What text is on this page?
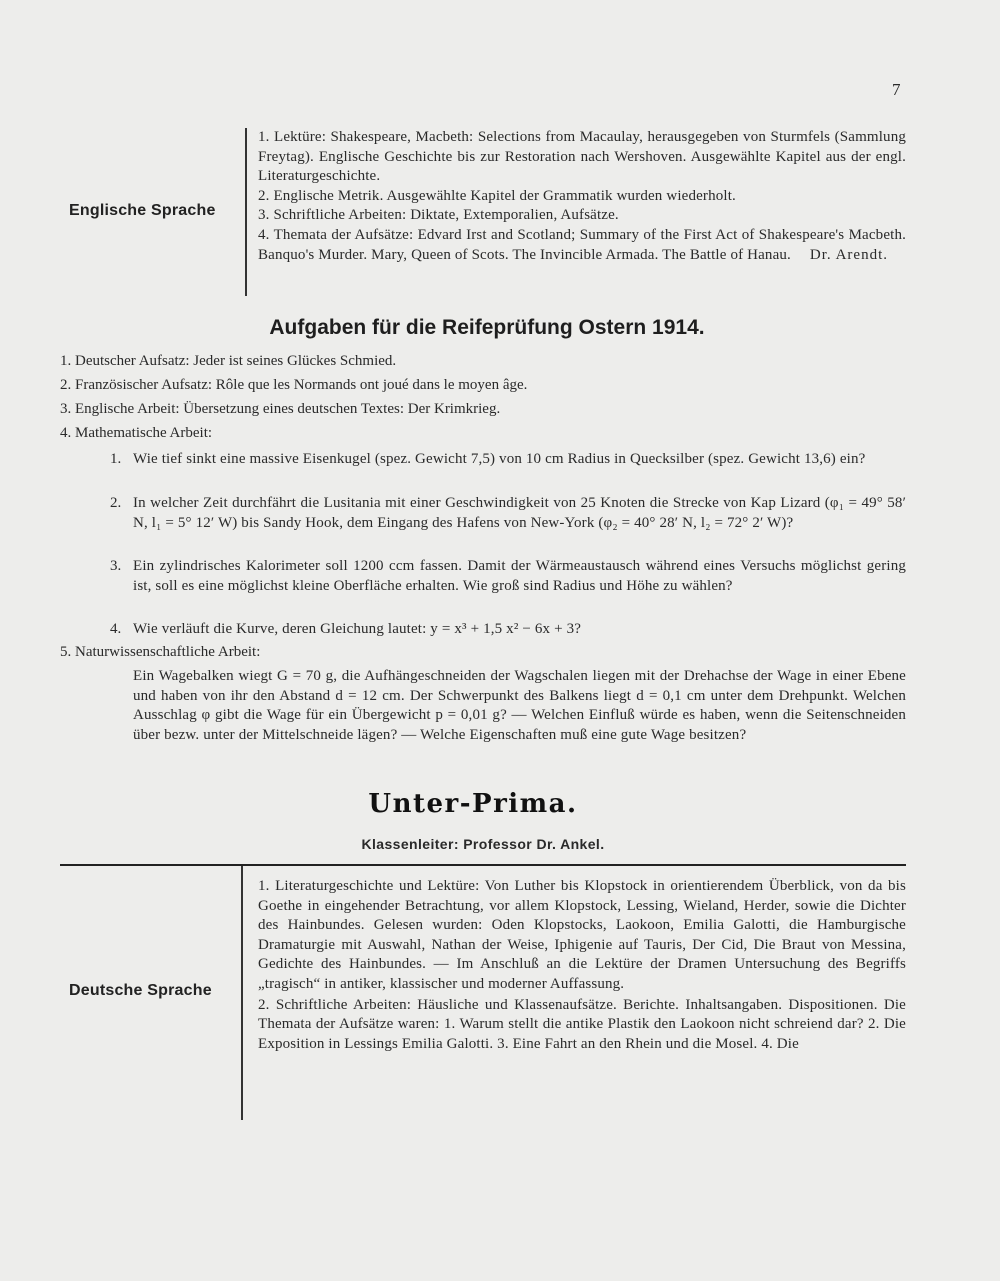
7
Englische Sprache

1. Lektüre: Shakespeare, Macbeth: Selections from Macaulay, herausgegeben von Sturmfels (Sammlung Freytag). Englische Geschichte bis zur Restoration nach Wershoven. Ausgewählte Kapitel aus der engl. Literaturgeschichte.

2. Englische Metrik. Ausgewählte Kapitel der Grammatik wurden wiederholt.

3. Schriftliche Arbeiten: Diktate, Extemporalien, Aufsätze.

4. Themata der Aufsätze: Edvard Irst and Scotland; Summary of the First Act of Shakespeare's Macbeth. Banquo's Murder. Mary, Queen of Scots. The Invincible Armada. The Battle of Hanau. Dr. Arendt.

Aufgaben für die Reifeprüfung Ostern 1914.
1. Deutscher Aufsatz: Jeder ist seines Glückes Schmied.
2. Französischer Aufsatz: Rôle que les Normands ont joué dans le moyen âge.
3. Englische Arbeit: Übersetzung eines deutschen Textes: Der Krimkrieg.
4. Mathematische Arbeit:
1. Wie tief sinkt eine massive Eisenkugel (spez. Gewicht 7,5) von 10 cm Radius in Quecksilber (spez. Gewicht 13,6) ein?
2. In welcher Zeit durchfährt die Lusitania mit einer Geschwindigkeit von 25 Knoten die Strecke von Kap Lizard (φ₁ = 49° 58′ N, l₁ = 5° 12′ W) bis Sandy Hook, dem Eingang des Hafens von New-York (φ₂ = 40° 28′ N, l₂ = 72° 2′ W)?
3. Ein zylindrisches Kalorimeter soll 1200 ccm fassen. Damit der Wärmeaustausch während eines Versuchs möglichst gering ist, soll es eine möglichst kleine Oberfläche erhalten. Wie groß sind Radius und Höhe zu wählen?
4. Wie verläuft die Kurve, deren Gleichung lautet: y = x³ + 1,5 x² − 6x + 3?
5. Naturwissenschaftliche Arbeit:
Ein Wagebalken wiegt G = 70 g, die Aufhängeschneiden der Wagschalen liegen mit der Drehachse der Wage in einer Ebene und haben von ihr den Abstand d = 12 cm. Der Schwerpunkt des Balkens liegt d = 0,1 cm unter dem Drehpunkt. Welchen Ausschlag φ gibt die Wage für ein Übergewicht p = 0,01 g? — Welchen Einfluß würde es haben, wenn die Seitenschneiden über bezw. unter der Mittelschneide lägen? — Welche Eigenschaften muß eine gute Wage besitzen?
Unter-Prima.
Klassenleiter: Professor Dr. Ankel.
Deutsche Sprache

1. Literaturgeschichte und Lektüre: Von Luther bis Klopstock in orientierendem Überblick, von da bis Goethe in eingehender Betrachtung, vor allem Klopstock, Lessing, Wieland, Herder, sowie die Dichter des Hainbundes. Gelesen wurden: Oden Klopstocks, Laokoon, Emilia Galotti, die Hamburgische Dramaturgie mit Auswahl, Nathan der Weise, Iphigenie auf Tauris, Der Cid, Die Braut von Messina, Gedichte des Hainbundes. — Im Anschluß an die Lektüre der Dramen Untersuchung des Begriffs „tragisch“ in antiker, klassischer und moderner Auffassung.

2. Schriftliche Arbeiten: Häusliche und Klassenaufsätze. Berichte. Inhaltsangaben. Dispositionen. Die Themata der Aufsätze waren: 1. Warum stellt die antike Plastik den Laokoon nicht schreiend dar? 2. Die Exposition in Lessings Emilia Galotti. 3. Eine Fahrt an den Rhein und die Mosel. 4. Die
